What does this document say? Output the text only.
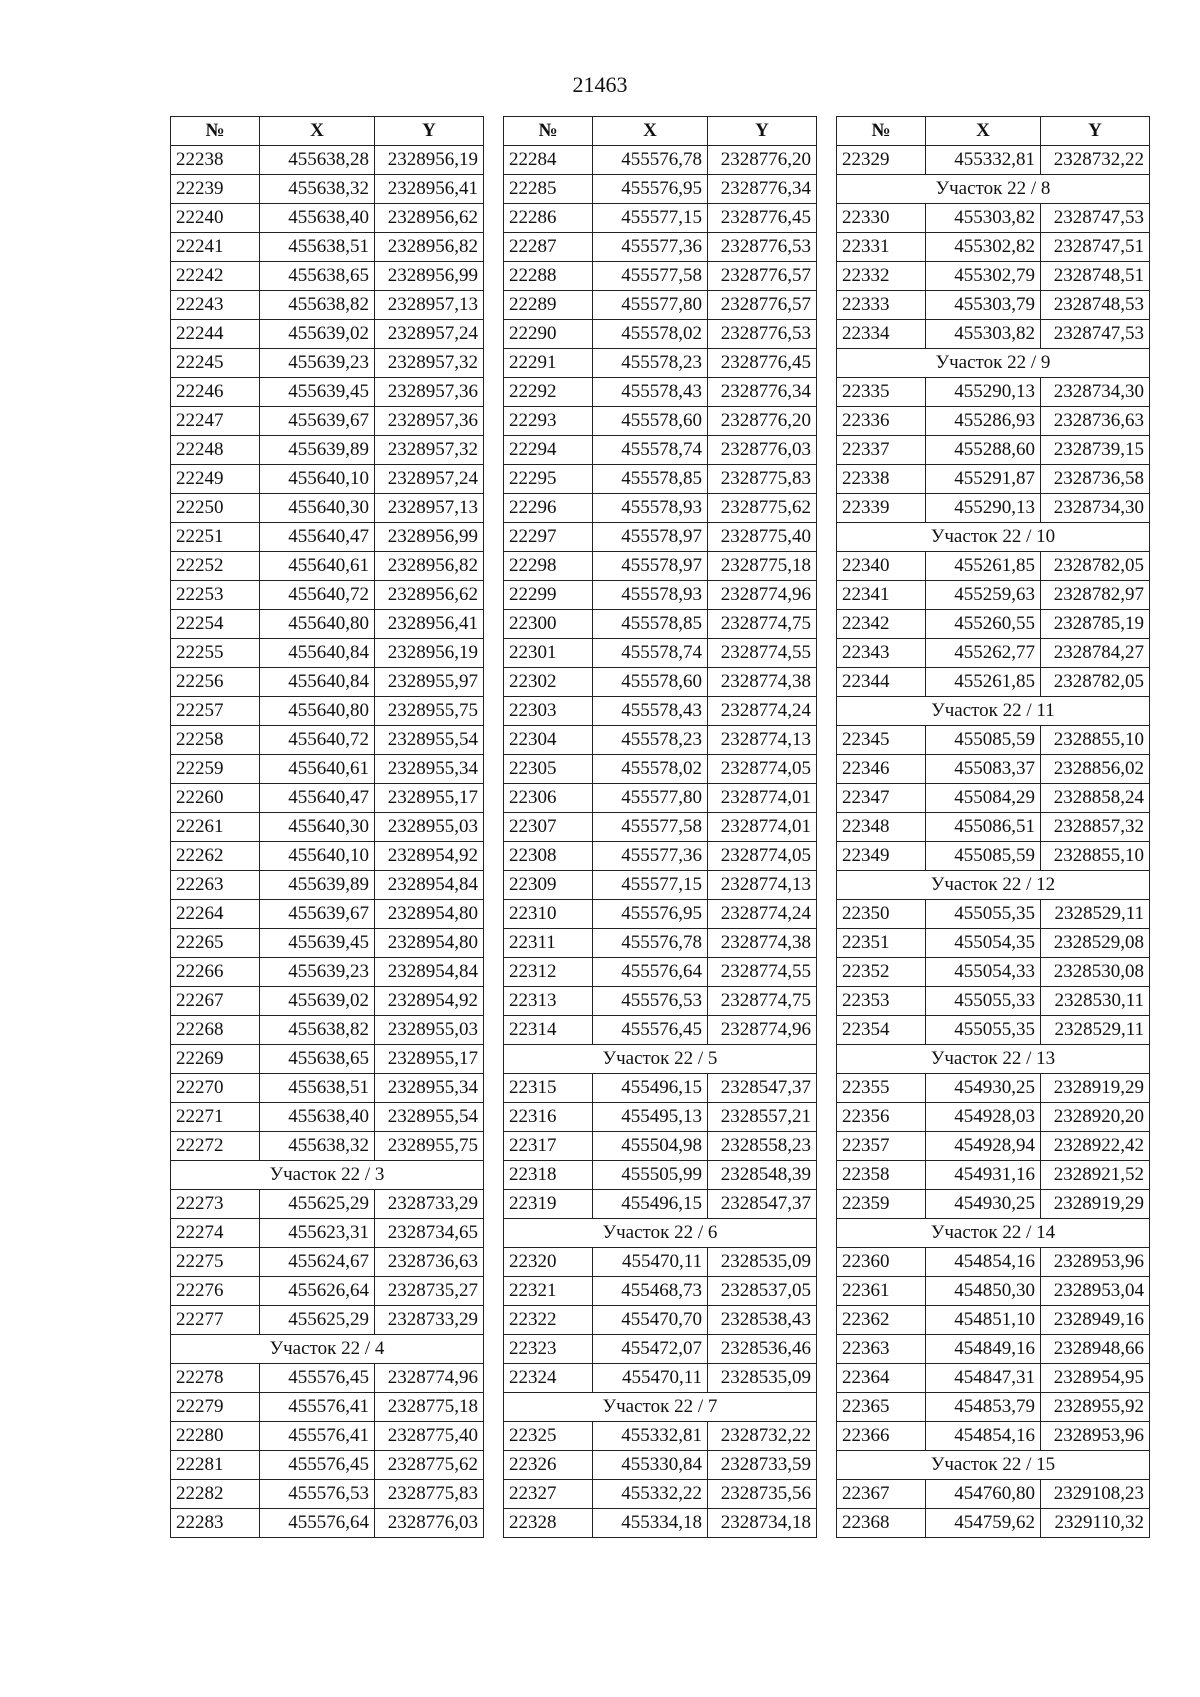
21463
№	X	Y
22238	455638,28	2328956,19
22239	455638,32	2328956,41
22240	455638,40	2328956,62
22241	455638,51	2328956,82
22242	455638,65	2328956,99
22243	455638,82	2328957,13
22244	455639,02	2328957,24
22245	455639,23	2328957,32
22246	455639,45	2328957,36
22247	455639,67	2328957,36
22248	455639,89	2328957,32
22249	455640,10	2328957,24
22250	455640,30	2328957,13
22251	455640,47	2328956,99
22252	455640,61	2328956,82
22253	455640,72	2328956,62
22254	455640,80	2328956,41
22255	455640,84	2328956,19
22256	455640,84	2328955,97
22257	455640,80	2328955,75
22258	455640,72	2328955,54
22259	455640,61	2328955,34
22260	455640,47	2328955,17
22261	455640,30	2328955,03
22262	455640,10	2328954,92
22263	455639,89	2328954,84
22264	455639,67	2328954,80
22265	455639,45	2328954,80
22266	455639,23	2328954,84
22267	455639,02	2328954,92
22268	455638,82	2328955,03
22269	455638,65	2328955,17
22270	455638,51	2328955,34
22271	455638,40	2328955,54
22272	455638,32	2328955,75
Участок 22 / 3		
22273	455625,29	2328733,29
22274	455623,31	2328734,65
22275	455624,67	2328736,63
22276	455626,64	2328735,27
22277	455625,29	2328733,29
Участок 22 / 4		
22278	455576,45	2328774,96
22279	455576,41	2328775,18
22280	455576,41	2328775,40
22281	455576,45	2328775,62
22282	455576,53	2328775,83
22283	455576,64	2328776,03
№	X	Y
22284	455576,78	2328776,20
22285	455576,95	2328776,34
22286	455577,15	2328776,45
22287	455577,36	2328776,53
22288	455577,58	2328776,57
22289	455577,80	2328776,57
22290	455578,02	2328776,53
22291	455578,23	2328776,45
22292	455578,43	2328776,34
22293	455578,60	2328776,20
22294	455578,74	2328776,03
22295	455578,85	2328775,83
22296	455578,93	2328775,62
22297	455578,97	2328775,40
22298	455578,97	2328775,18
22299	455578,93	2328774,96
22300	455578,85	2328774,75
22301	455578,74	2328774,55
22302	455578,60	2328774,38
22303	455578,43	2328774,24
22304	455578,23	2328774,13
22305	455578,02	2328774,05
22306	455577,80	2328774,01
22307	455577,58	2328774,01
22308	455577,36	2328774,05
22309	455577,15	2328774,13
22310	455576,95	2328774,24
22311	455576,78	2328774,38
22312	455576,64	2328774,55
22313	455576,53	2328774,75
22314	455576,45	2328774,96
Участок 22 / 5		
22315	455496,15	2328547,37
22316	455495,13	2328557,21
22317	455504,98	2328558,23
22318	455505,99	2328548,39
22319	455496,15	2328547,37
Участок 22 / 6		
22320	455470,11	2328535,09
22321	455468,73	2328537,05
22322	455470,70	2328538,43
22323	455472,07	2328536,46
22324	455470,11	2328535,09
Участок 22 / 7		
22325	455332,81	2328732,22
22326	455330,84	2328733,59
22327	455332,22	2328735,56
22328	455334,18	2328734,18
№	X	Y
22329	455332,81	2328732,22
Участок 22 / 8		
22330	455303,82	2328747,53
22331	455302,82	2328747,51
22332	455302,79	2328748,51
22333	455303,79	2328748,53
22334	455303,82	2328747,53
Участок 22 / 9		
22335	455290,13	2328734,30
22336	455286,93	2328736,63
22337	455288,60	2328739,15
22338	455291,87	2328736,58
22339	455290,13	2328734,30
Участок 22 / 10		
22340	455261,85	2328782,05
22341	455259,63	2328782,97
22342	455260,55	2328785,19
22343	455262,77	2328784,27
22344	455261,85	2328782,05
Участок 22 / 11		
22345	455085,59	2328855,10
22346	455083,37	2328856,02
22347	455084,29	2328858,24
22348	455086,51	2328857,32
22349	455085,59	2328855,10
Участок 22 / 12		
22350	455055,35	2328529,11
22351	455054,35	2328529,08
22352	455054,33	2328530,08
22353	455055,33	2328530,11
22354	455055,35	2328529,11
Участок 22 / 13		
22355	454930,25	2328919,29
22356	454928,03	2328920,20
22357	454928,94	2328922,42
22358	454931,16	2328921,52
22359	454930,25	2328919,29
Участок 22 / 14		
22360	454854,16	2328953,96
22361	454850,30	2328953,04
22362	454851,10	2328949,16
22363	454849,16	2328948,66
22364	454847,31	2328954,95
22365	454853,79	2328955,92
22366	454854,16	2328953,96
Участок 22 / 15		
22367	454760,80	2329108,23
22368	454759,62	2329110,32
